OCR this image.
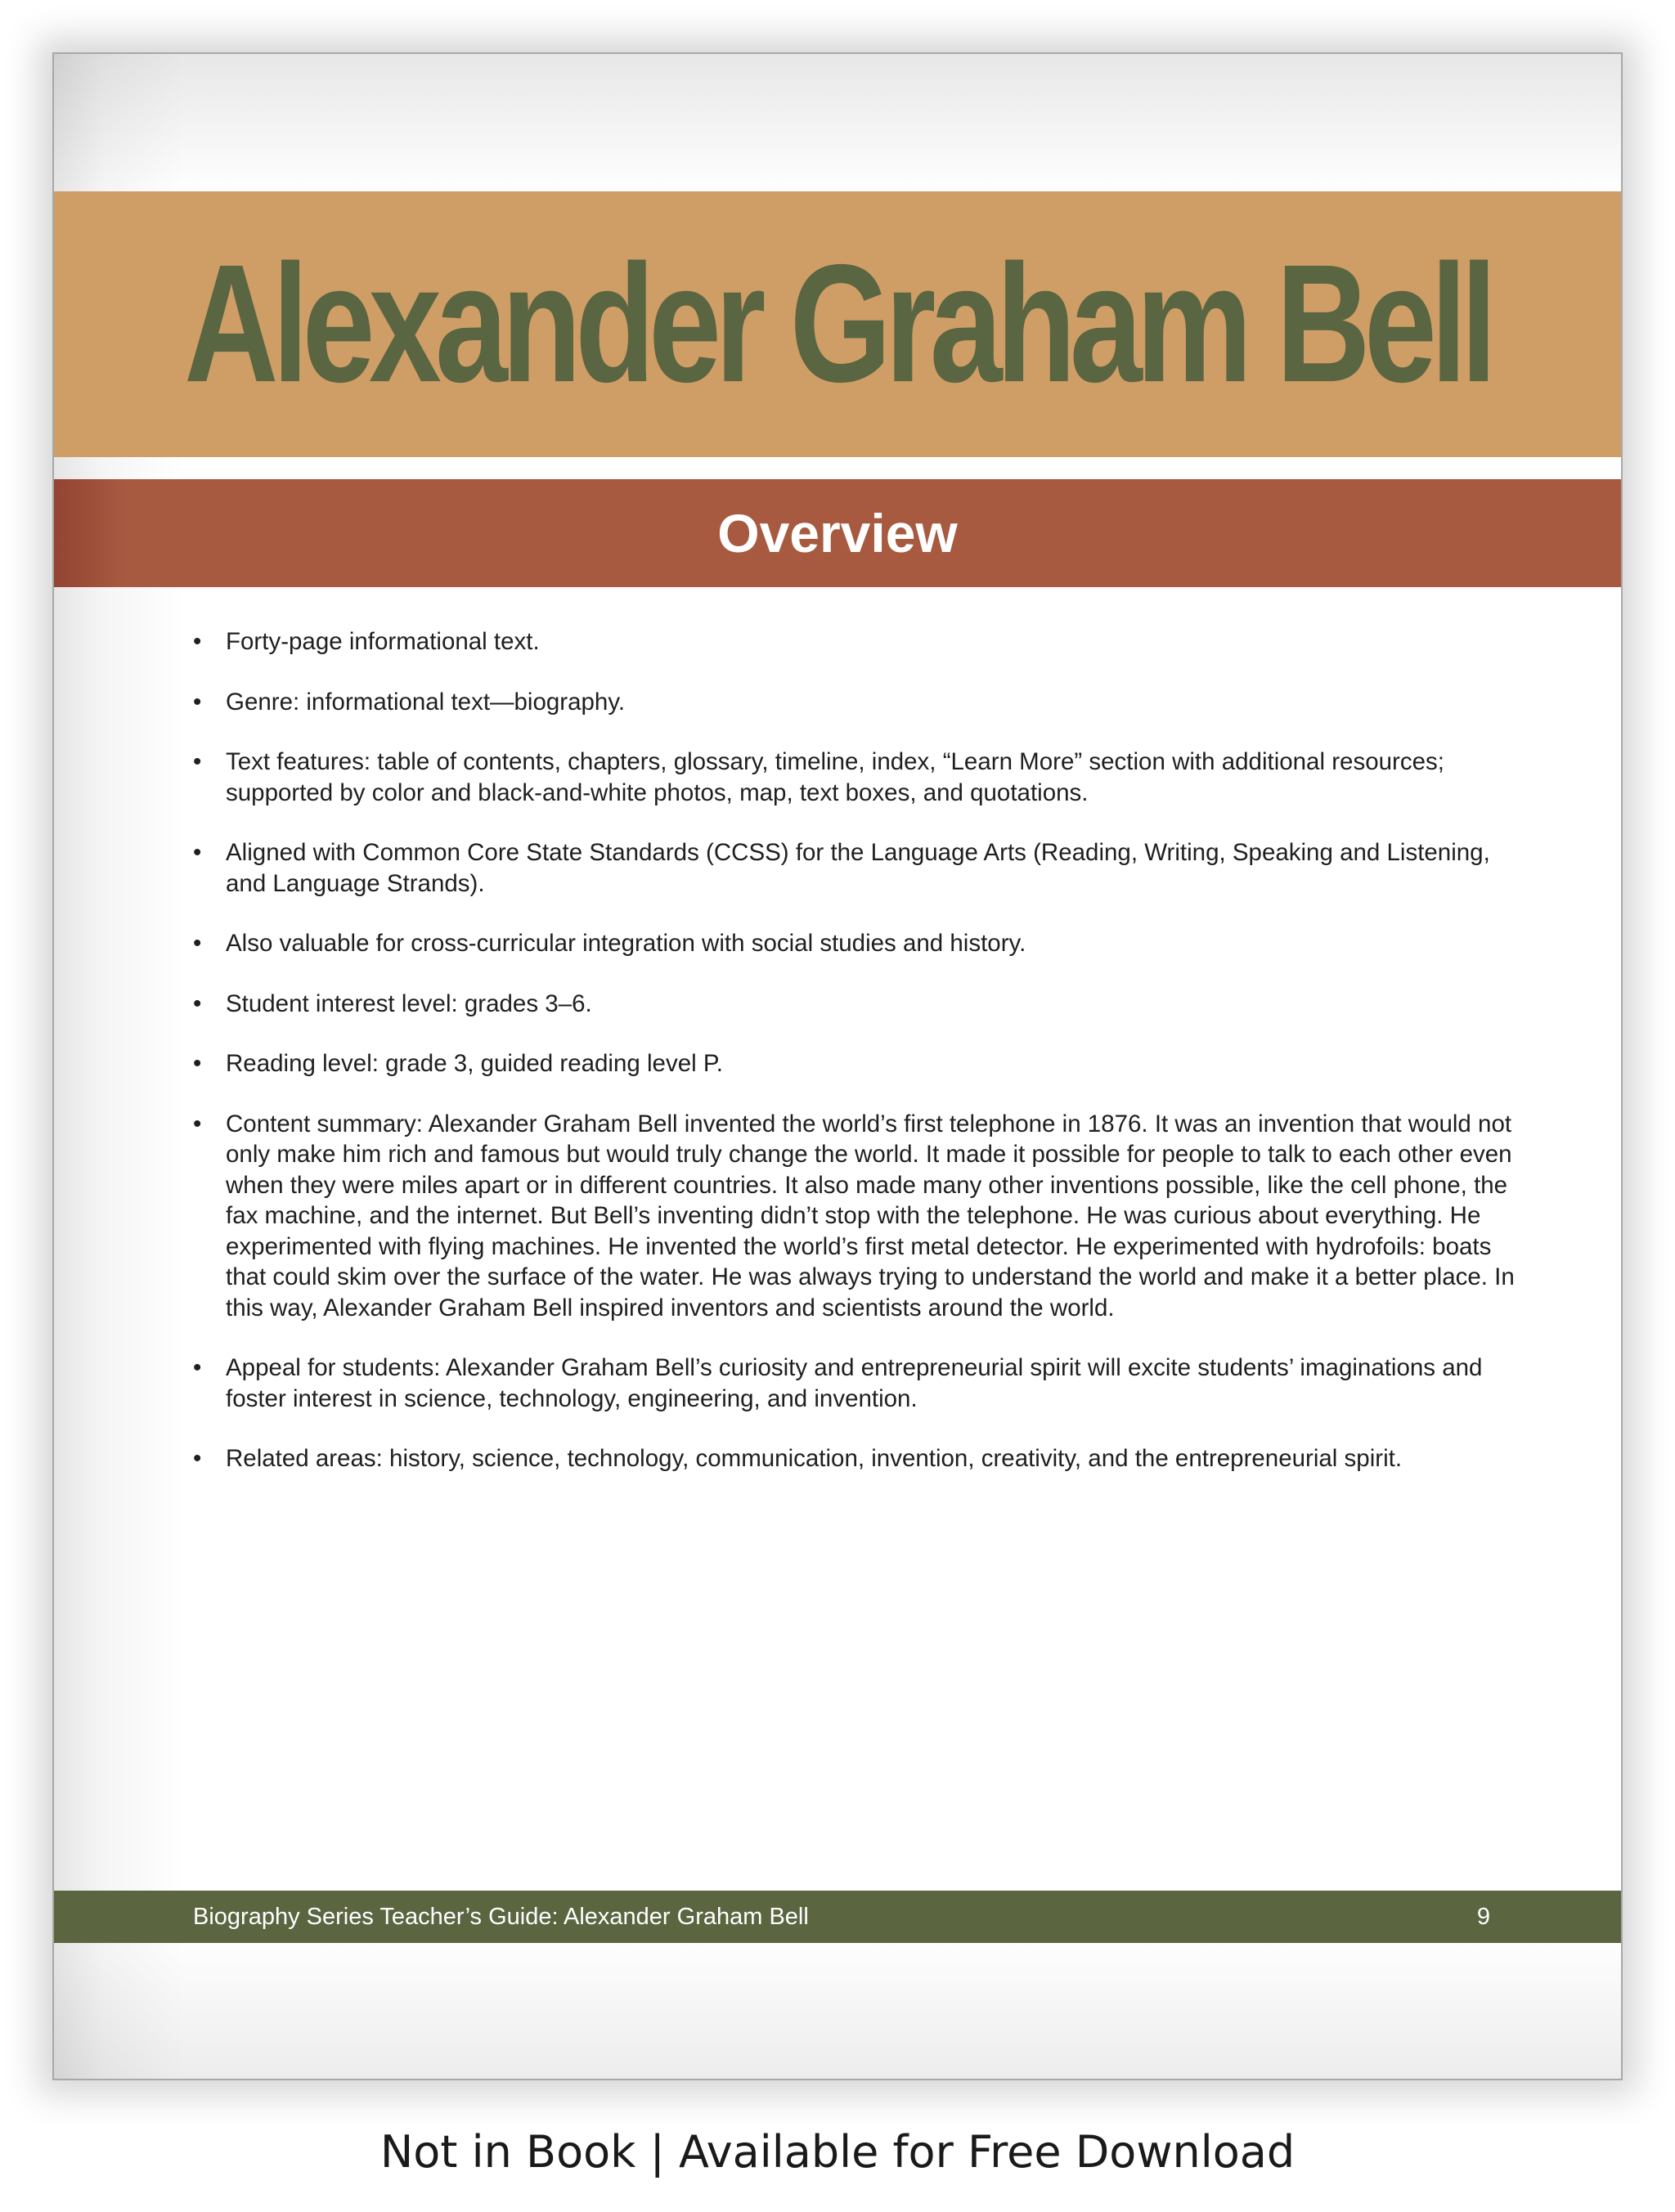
Alexander Graham Bell
Overview
• Forty-page informational text.
• Genre: informational text—biography.
• Text features: table of contents, chapters, glossary, timeline, index, “Learn More” section with additional resources; supported by color and black-and-white photos, map, text boxes, and quotations.
• Aligned with Common Core State Standards (CCSS) for the Language Arts (Reading, Writing, Speaking and Listening, and Language Strands).
• Also valuable for cross-curricular integration with social studies and history.
• Student interest level: grades 3–6.
• Reading level: grade 3, guided reading level P.
• Content summary: Alexander Graham Bell invented the world’s first telephone in 1876. It was an invention that would not only make him rich and famous but would truly change the world. It made it possible for people to talk to each other even when they were miles apart or in different countries. It also made many other inventions possible, like the cell phone, the fax machine, and the internet. But Bell’s inventing didn’t stop with the telephone. He was curious about everything. He experimented with flying machines. He invented the world’s first metal detector. He experimented with hydrofoils: boats that could skim over the surface of the water. He was always trying to understand the world and make it a better place. In this way, Alexander Graham Bell inspired inventors and scientists around the world.
• Appeal for students: Alexander Graham Bell’s curiosity and entrepreneurial spirit will excite students’ imaginations and foster interest in science, technology, engineering, and invention.
• Related areas: history, science, technology, communication, invention, creativity, and the entrepreneurial spirit.
Biography Series Teacher’s Guide: Alexander Graham Bell	9

Not in Book | Available for Free Download
